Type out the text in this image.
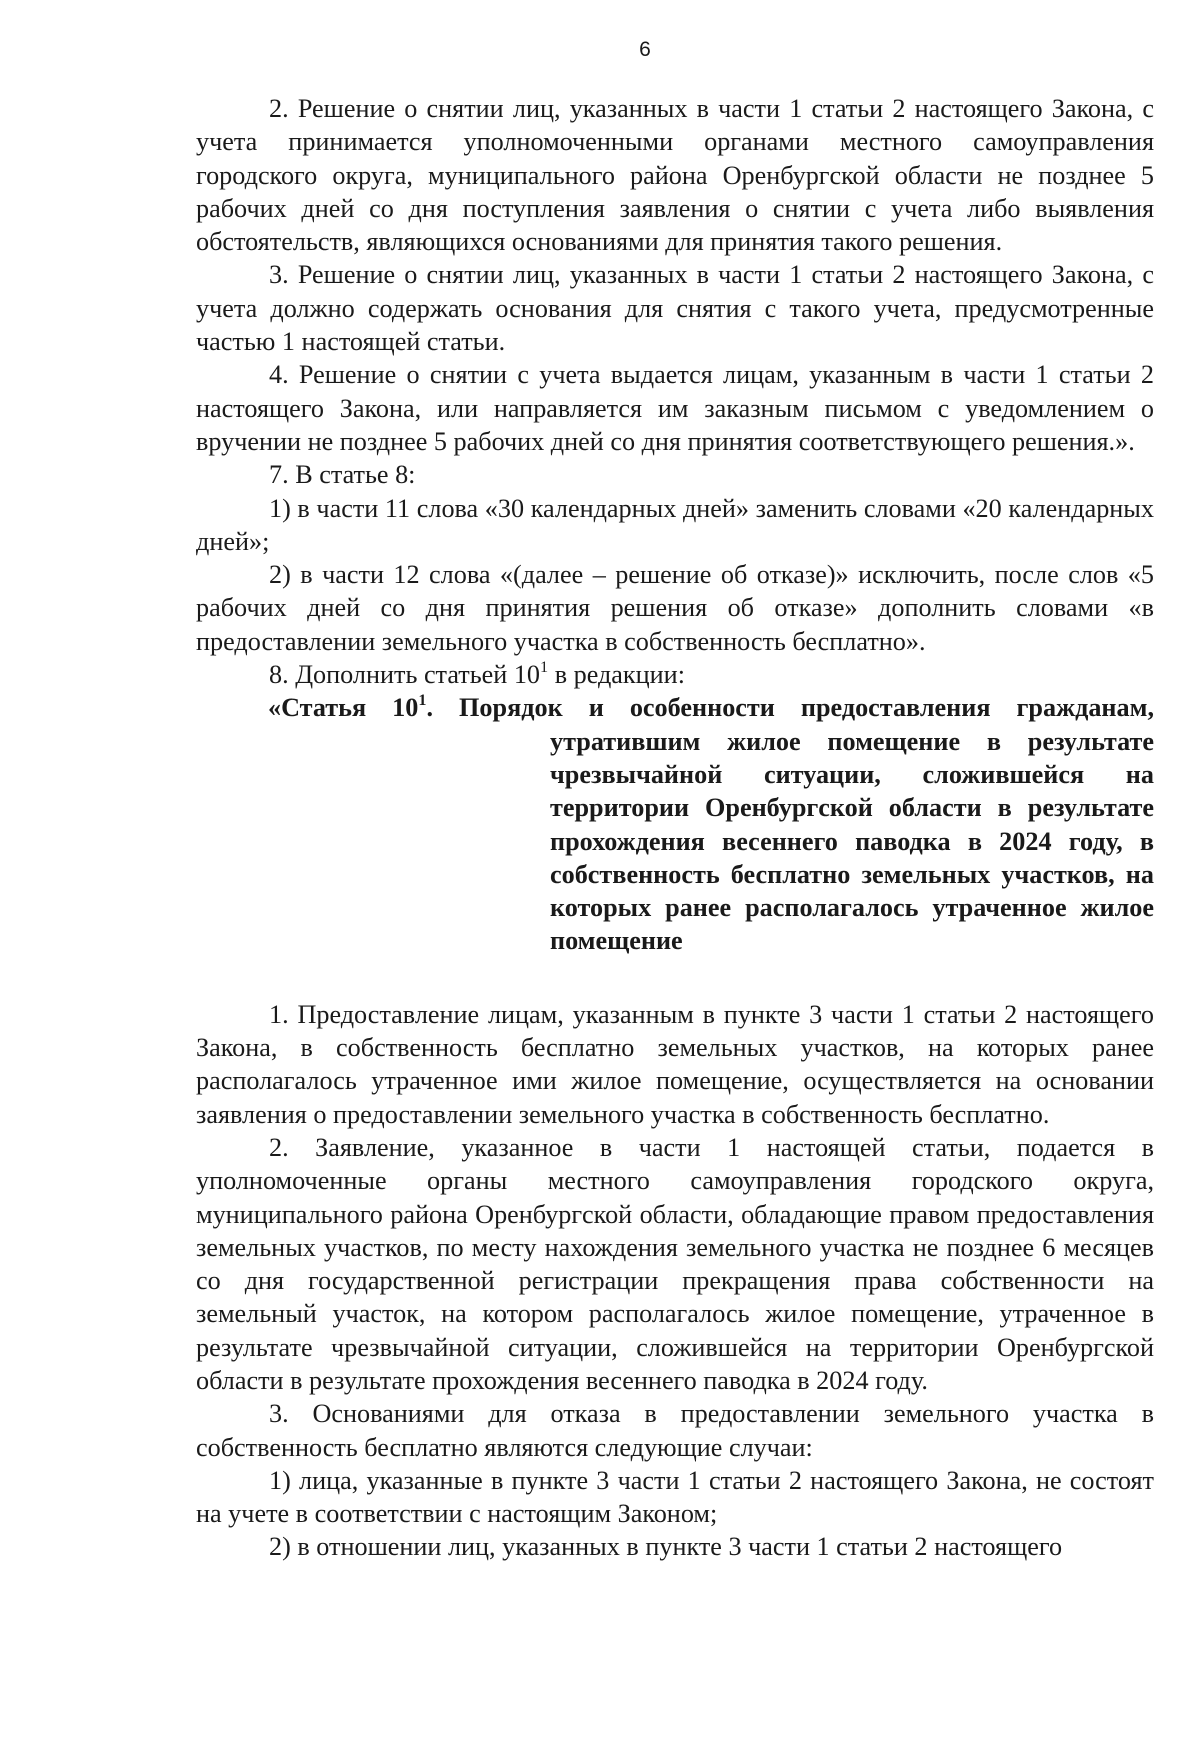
6

2. Решение о снятии лиц, указанных в части 1 статьи 2 настоящего Закона, с учета принимается уполномоченными органами местного самоуправления городского округа, муниципального района Оренбургской области не позднее 5 рабочих дней со дня поступления заявления о снятии с учета либо выявления обстоятельств, являющихся основаниями для принятия такого решения.

3. Решение о снятии лиц, указанных в части 1 статьи 2 настоящего Закона, с учета должно содержать основания для снятия с такого учета, предусмотренные частью 1 настоящей статьи.

4. Решение о снятии с учета выдается лицам, указанным в части 1 статьи 2 настоящего Закона, или направляется им заказным письмом с уведомлением о вручении не позднее 5 рабочих дней со дня принятия соответствующего решения.».

7. В статье 8:

1) в части 11 слова «30 календарных дней» заменить словами «20 календарных дней»;

2) в части 12 слова «(далее – решение об отказе)» исключить, после слов «5 рабочих дней со дня принятия решения об отказе» дополнить словами «в предоставлении земельного участка в собственность бесплатно».

8. Дополнить статьей $10^1$ в редакции:

«Статья $10^1$. Порядок и особенности предоставления гражданам, утратившим жилое помещение в результате чрезвычайной ситуации, сложившейся на территории Оренбургской области в результате прохождения весеннего паводка в 2024 году, в собственность бесплатно земельных участков, на которых ранее располагалось утраченное жилое помещение

1. Предоставление лицам, указанным в пункте 3 части 1 статьи 2 настоящего Закона, в собственность бесплатно земельных участков, на которых ранее располагалось утраченное ими жилое помещение, осуществляется на основании заявления о предоставлении земельного участка в собственность бесплатно.

2. Заявление, указанное в части 1 настоящей статьи, подается в уполномоченные органы местного самоуправления городского округа, муниципального района Оренбургской области, обладающие правом предоставления земельных участков, по месту нахождения земельного участка не позднее 6 месяцев со дня государственной регистрации прекращения права собственности на земельный участок, на котором располагалось жилое помещение, утраченное в результате чрезвычайной ситуации, сложившейся на территории Оренбургской области в результате прохождения весеннего паводка в 2024 году.

3. Основаниями для отказа в предоставлении земельного участка в собственность бесплатно являются следующие случаи:

1) лица, указанные в пункте 3 части 1 статьи 2 настоящего Закона, не состоят на учете в соответствии с настоящим Законом;

2) в отношении лиц, указанных в пункте 3 части 1 статьи 2 настоящего
